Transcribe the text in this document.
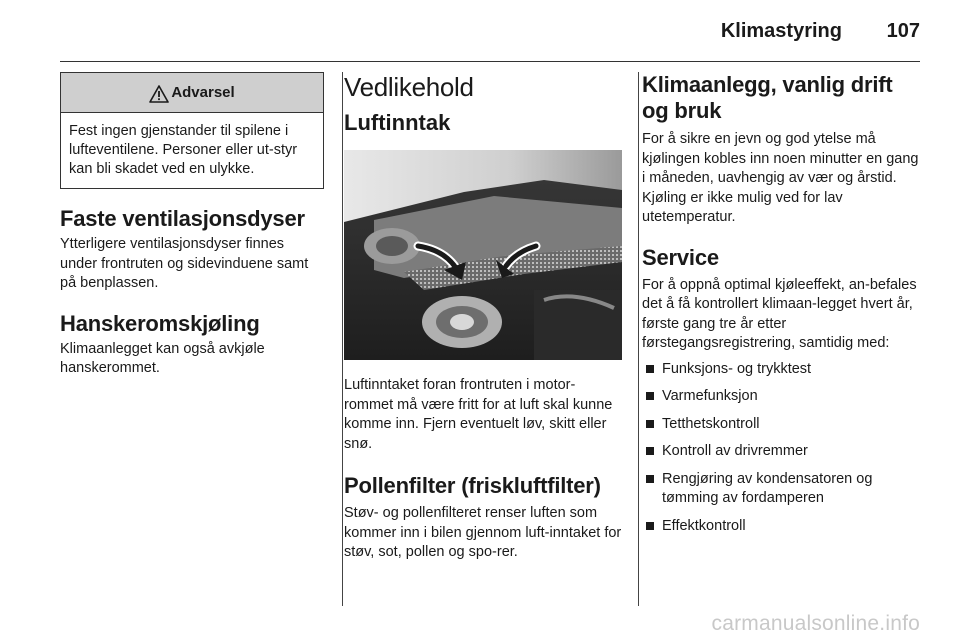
Klimastyring 107
Advarsel
Fest ingen gjenstander til spilene i lufteventilene. Personer eller ut-styr kan bli skadet ved en ulykke.
Faste ventilasjonsdyser

Ytterligere ventilasjonsdyser finnes under frontruten og sidevinduene samt på benplassen.

Hanskeromskjøling

Klimaanlegget kan også avkjøle hanskerommet.

Vedlikehold
Luftinntak

Luftinntaket foran frontruten i motor-rommet må være fritt for at luft skal kunne komme inn. Fjern eventuelt løv, skitt eller snø.

Pollenfilter (friskluftfilter)

Støv- og pollenfilteret renser luften som kommer inn i bilen gjennom luft-inntaket for støv, sot, pollen og spo-rer.

Klimaanlegg, vanlig drift og bruk

For å sikre en jevn og god ytelse må kjølingen kobles inn noen minutter en gang i måneden, uavhengig av vær og årstid. Kjøling er ikke mulig ved for lav utetemperatur.

Service

For å oppnå optimal kjøleeffekt, an-befales det å få kontrollert klimaan-legget hvert år, første gang tre år etter førstegangsregistrering, samtidig med:

Funksjons- og trykktest
Varmefunksjon
Tetthetskontroll
Kontroll av drivremmer
Rengjøring av kondensatoren og tømming av fordamperen
Effektkontroll
carmanualsonline.info
